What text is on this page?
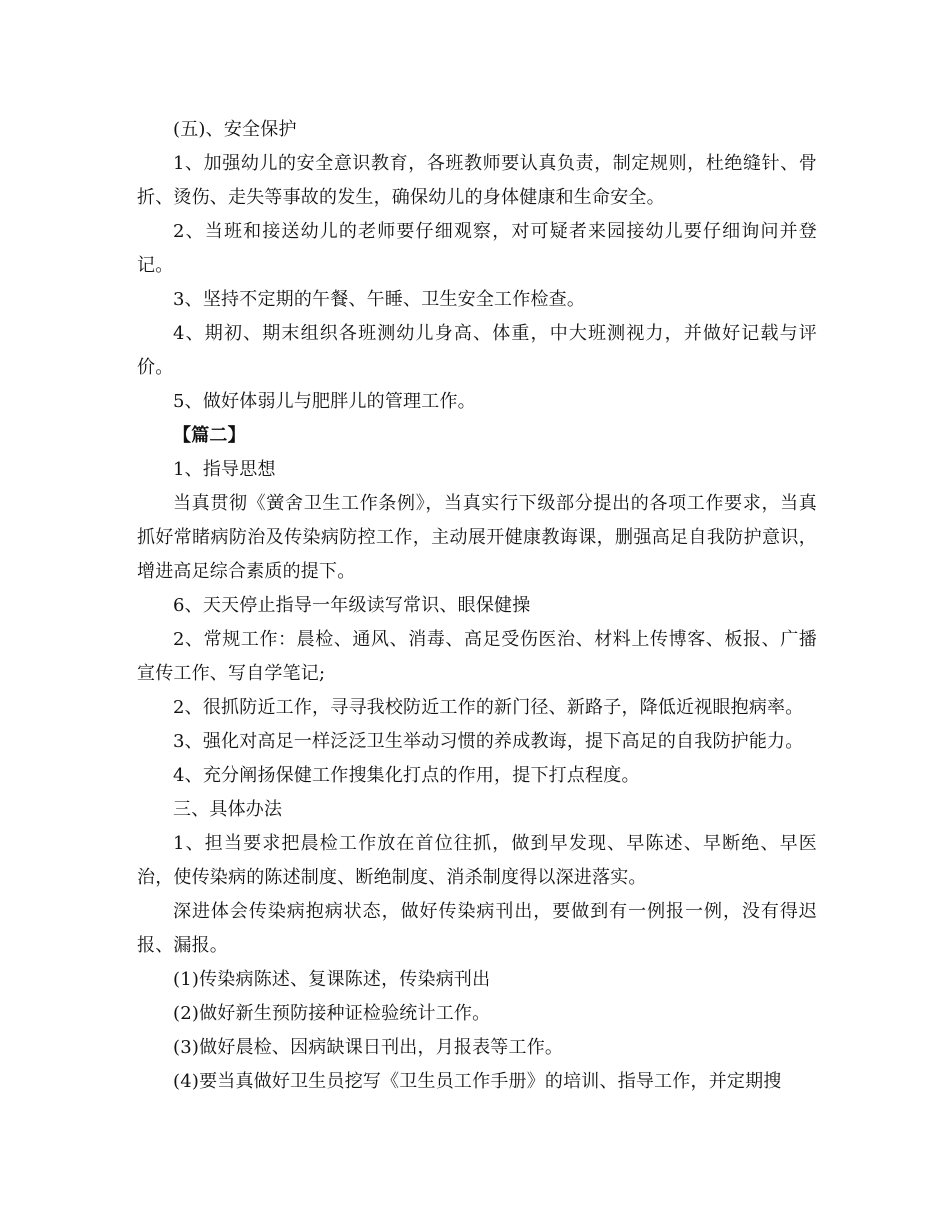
(五)、安全保护

1、加强幼儿的安全意识教育，各班教师要认真负责，制定规则，杜绝缝针、骨折、烫伤、走失等事故的发生，确保幼儿的身体健康和生命安全。

2、当班和接送幼儿的老师要仔细观察，对可疑者来园接幼儿要仔细询问并登记。

3、坚持不定期的午餐、午睡、卫生安全工作检查。

4、期初、期末组织各班测幼儿身高、体重，中大班测视力，并做好记载与评价。

5、做好体弱儿与肥胖儿的管理工作。

【篇二】

1、指导思想

当真贯彻《黉舍卫生工作条例》，当真实行下级部分提出的各项工作要求，当真抓好常睹病防治及传染病防控工作，主动展开健康教诲课，删强高足自我防护意识，增进高足综合素质的提下。

6、天天停止指导一年级读写常识、眼保健操

2、常规工作：晨检、通风、消毒、高足受伤医治、材料上传博客、板报、广播宣传工作、写自学笔记;

2、很抓防近工作，寻寻我校防近工作的新门径、新路子，降低近视眼抱病率。

3、强化对高足一样泛泛卫生举动习惯的养成教诲，提下高足的自我防护能力。

4、充分阐扬保健工作搜集化打点的作用，提下打点程度。

三、具体办法

1、担当要求把晨检工作放在首位往抓，做到早发现、早陈述、早断绝、早医治，使传染病的陈述制度、断绝制度、消杀制度得以深进落实。

深进体会传染病抱病状态，做好传染病刊出，要做到有一例报一例，没有得迟报、漏报。

(1)传染病陈述、复课陈述，传染病刊出

(2)做好新生预防接种证检验统计工作。

(3)做好晨检、因病缺课日刊出，月报表等工作。

(4)要当真做好卫生员挖写《卫生员工作手册》的培训、指导工作，并定期搜
